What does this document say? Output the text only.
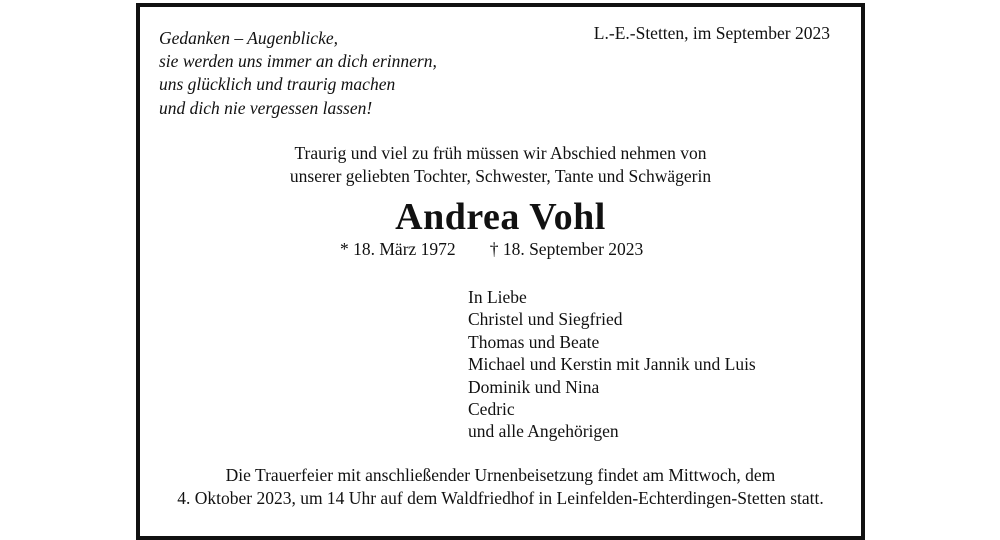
Gedanken – Augenblicke,
sie werden uns immer an dich erinnern,
uns glücklich und traurig machen
und dich nie vergessen lassen!
L.-E.-Stetten, im September 2023
Traurig und viel zu früh müssen wir Abschied nehmen von
unserer geliebten Tochter, Schwester, Tante und Schwägerin
Andrea Vohl
* 18. März 1972 † 18. September 2023
In Liebe
Christel und Siegfried
Thomas und Beate
Michael und Kerstin mit Jannik und Luis
Dominik und Nina
Cedric
und alle Angehörigen
Die Trauerfeier mit anschließender Urnenbeisetzung findet am Mittwoch, dem
4. Oktober 2023, um 14 Uhr auf dem Waldfriedhof in Leinfelden-Echterdingen-Stetten statt.
